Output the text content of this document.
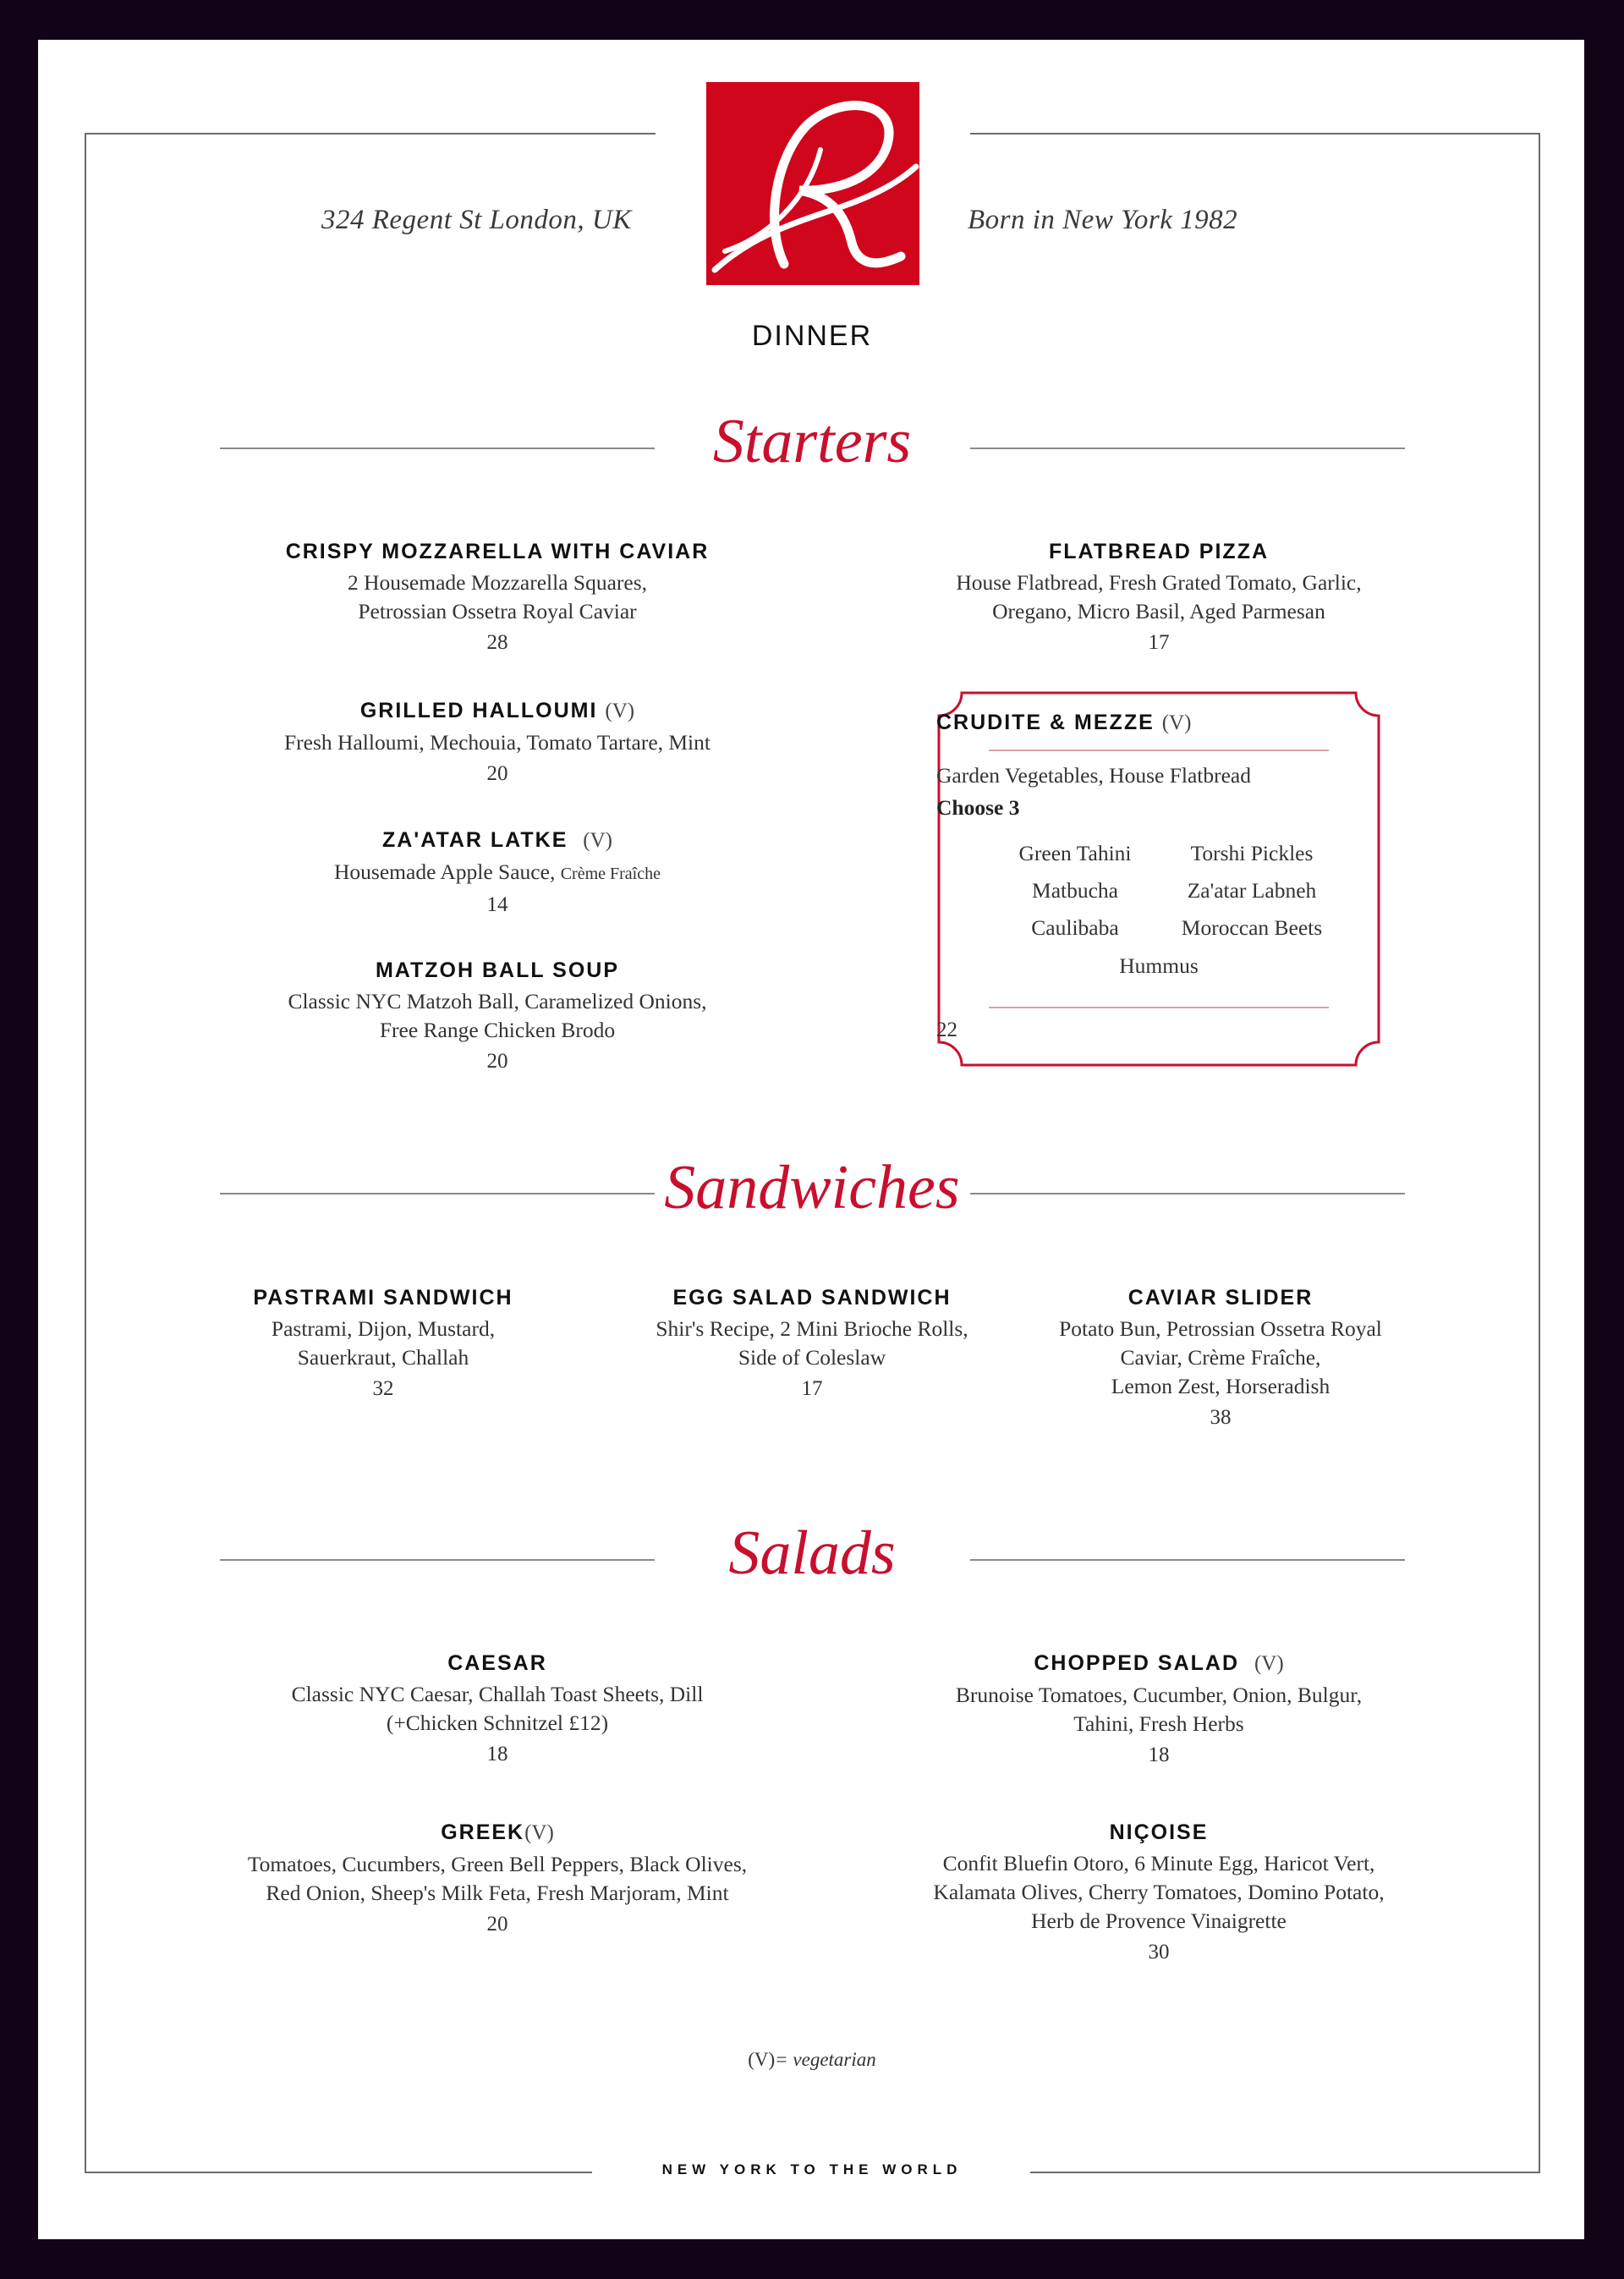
324 Regent St London, UK	Born in New York 1982
DINNER
Starters
CRISPY MOZZARELLA WITH CAVIAR
2 Housemade Mozzarella Squares,
Petrossian Ossetra Royal Caviar
28
GRILLED HALLOUMI (V)
Fresh Halloumi, Mechouia, Tomato Tartare, Mint
20
ZA'ATAR LATKE (V)
Housemade Apple Sauce, Crème Fraîche
14
MATZOH BALL SOUP
Classic NYC Matzoh Ball, Caramelized Onions,
Free Range Chicken Brodo
20
FLATBREAD PIZZA
House Flatbread, Fresh Grated Tomato, Garlic,
Oregano, Micro Basil, Aged Parmesan
17
CRUDITE & MEZZE (V)
Garden Vegetables, House Flatbread
Choose 3
Green Tahini	Torshi Pickles
Matbucha	Za'atar Labneh
Caulibaba	Moroccan Beets
Hummus
22
Sandwiches
PASTRAMI SANDWICH
Pastrami, Dijon, Mustard,
Sauerkraut, Challah
32
EGG SALAD SANDWICH
Shir's Recipe, 2 Mini Brioche Rolls,
Side of Coleslaw
17
CAVIAR SLIDER
Potato Bun, Petrossian Ossetra Royal
Caviar, Crème Fraîche,
Lemon Zest, Horseradish
38
Salads
CAESAR
Classic NYC Caesar, Challah Toast Sheets, Dill
(+Chicken Schnitzel £12)
18
CHOPPED SALAD (V)
Brunoise Tomatoes, Cucumber, Onion, Bulgur,
Tahini, Fresh Herbs
18
GREEK(V)
Tomatoes, Cucumbers, Green Bell Peppers, Black Olives,
Red Onion, Sheep's Milk Feta, Fresh Marjoram, Mint
20
NIÇOISE
Confit Bluefin Otoro, 6 Minute Egg, Haricot Vert,
Kalamata Olives, Cherry Tomatoes, Domino Potato,
Herb de Provence Vinaigrette
30
(V)= vegetarian
NEW YORK TO THE WORLD
